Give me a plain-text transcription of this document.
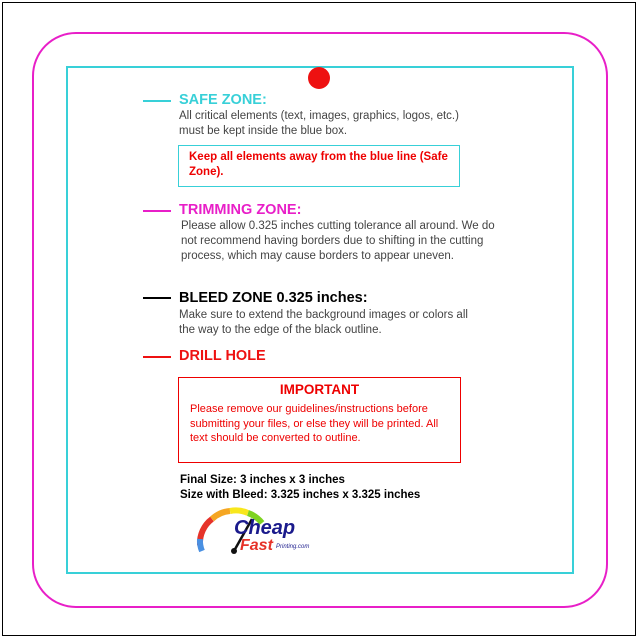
SAFE ZONE:
All critical elements (text, images, graphics, logos, etc.) must be kept inside the blue box.
Keep all elements away from the blue line (Safe Zone).
TRIMMING ZONE:
Please allow 0.325 inches cutting tolerance all around. We do not recommend having borders due to shifting in the cutting process, which may cause borders to appear uneven.
BLEED ZONE 0.325 inches:
Make sure to extend the background images or colors all the way to the edge of the black outline.
DRILL HOLE
IMPORTANT
Please remove our guidelines/instructions before submitting your files, or else they will be printed. All text should be converted to outline.
Final Size: 3 inches x 3 inches
Size with Bleed: 3.325 inches x 3.325 inches
Cheap
Fast Printing.com
